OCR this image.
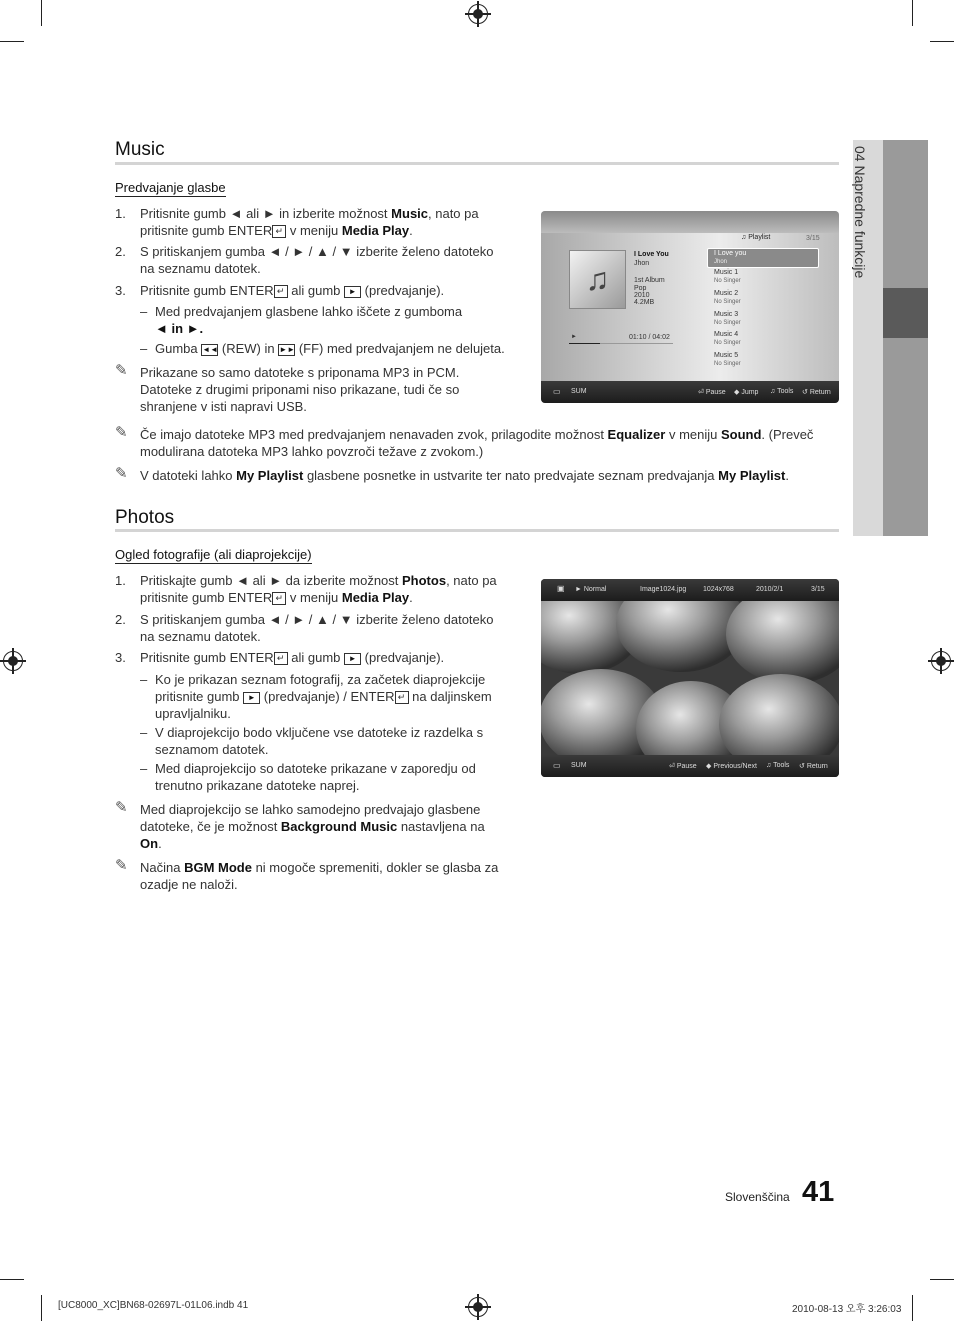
04 Napredne funkcije
Music
Predvajanje glasbe
1. Pritisnite gumb ◄ ali ► in izberite možnost Music, nato pa
pritisnite gumb ENTER ↵ v meniju Media Play.
2. S pritiskanjem gumba ◄ / ► / ▲ / ▼ izberite želeno datoteko
na seznamu datotek.
3. Pritisnite gumb ENTER ↵ ali gumb ► (predvajanje).
– Med predvajanjem glasbene lahko iščete z gumboma
◄ in ►.
– Gumba ◄◄ (REW) in ►► (FF) med predvajanjem ne delujeta.
✎ Prikazane so samo datoteke s priponama MP3 in PCM.
Datoteke z drugimi priponami niso prikazane, tudi če so
shranjene v isti napravi USB.
✎ Če imajo datoteke MP3 med predvajanjem nenavaden zvok, prilagodite možnost Equalizer v meniju Sound. (Preveč
modulirana datoteka MP3 lahko povzroči težave z zvokom.)
✎ V datoteki lahko My Playlist glasbene posnetke in ustvarite ter nato predvajate seznam predvajanja My Playlist.
♫ Playlist	3/15
♫
I Love You
Jhon
1st Album
Pop
2010
4.2MB
►	01:10 / 04:02
I Love you
Jhon
Music 1
No Singer
Music 2
No Singer
Music 3
No Singer
Music 4
No Singer
Music 5
No Singer
▭ SUM	⏎ Pause ◆ Jump ♫ Tools ↺ Return
Photos
Ogled fotografije (ali diaprojekcije)
1. Pritiskajte gumb ◄ ali ► da izberite možnost Photos, nato pa
pritisnite gumb ENTER ↵ v meniju Media Play.
2. S pritiskanjem gumba ◄ / ► / ▲ / ▼ izberite želeno datoteko
na seznamu datotek.
3. Pritisnite gumb ENTER ↵ ali gumb ► (predvajanje).
– Ko je prikazan seznam fotografij, za začetek diaprojekcije
pritisnite gumb ► (predvajanje) / ENTER ↵ na daljinskem
upravljalniku.
– V diaprojekcijo bodo vključene vse datoteke iz razdelka s
seznamom datotek.
– Med diaprojekcijo so datoteke prikazane v zaporedju od
trenutno prikazane datoteke naprej.
✎ Med diaprojekcijo se lahko samodejno predvajajo glasbene
datoteke, če je možnost Background Music nastavljena na
On.
✎ Načina BGM Mode ni mogoče spremeniti, dokler se glasba za
ozadje ne naloži.
▣ ► Normal	Image1024.jpg 1024x768	2010/2/1	3/15
▭ SUM	⏎ Pause ◆ Previous/Next ♫ Tools ↺ Return
Slovenščina 41
[UC8000_XC]BN68-02697L-01L06.indb 41	2010-08-13 오후 3:26:03
